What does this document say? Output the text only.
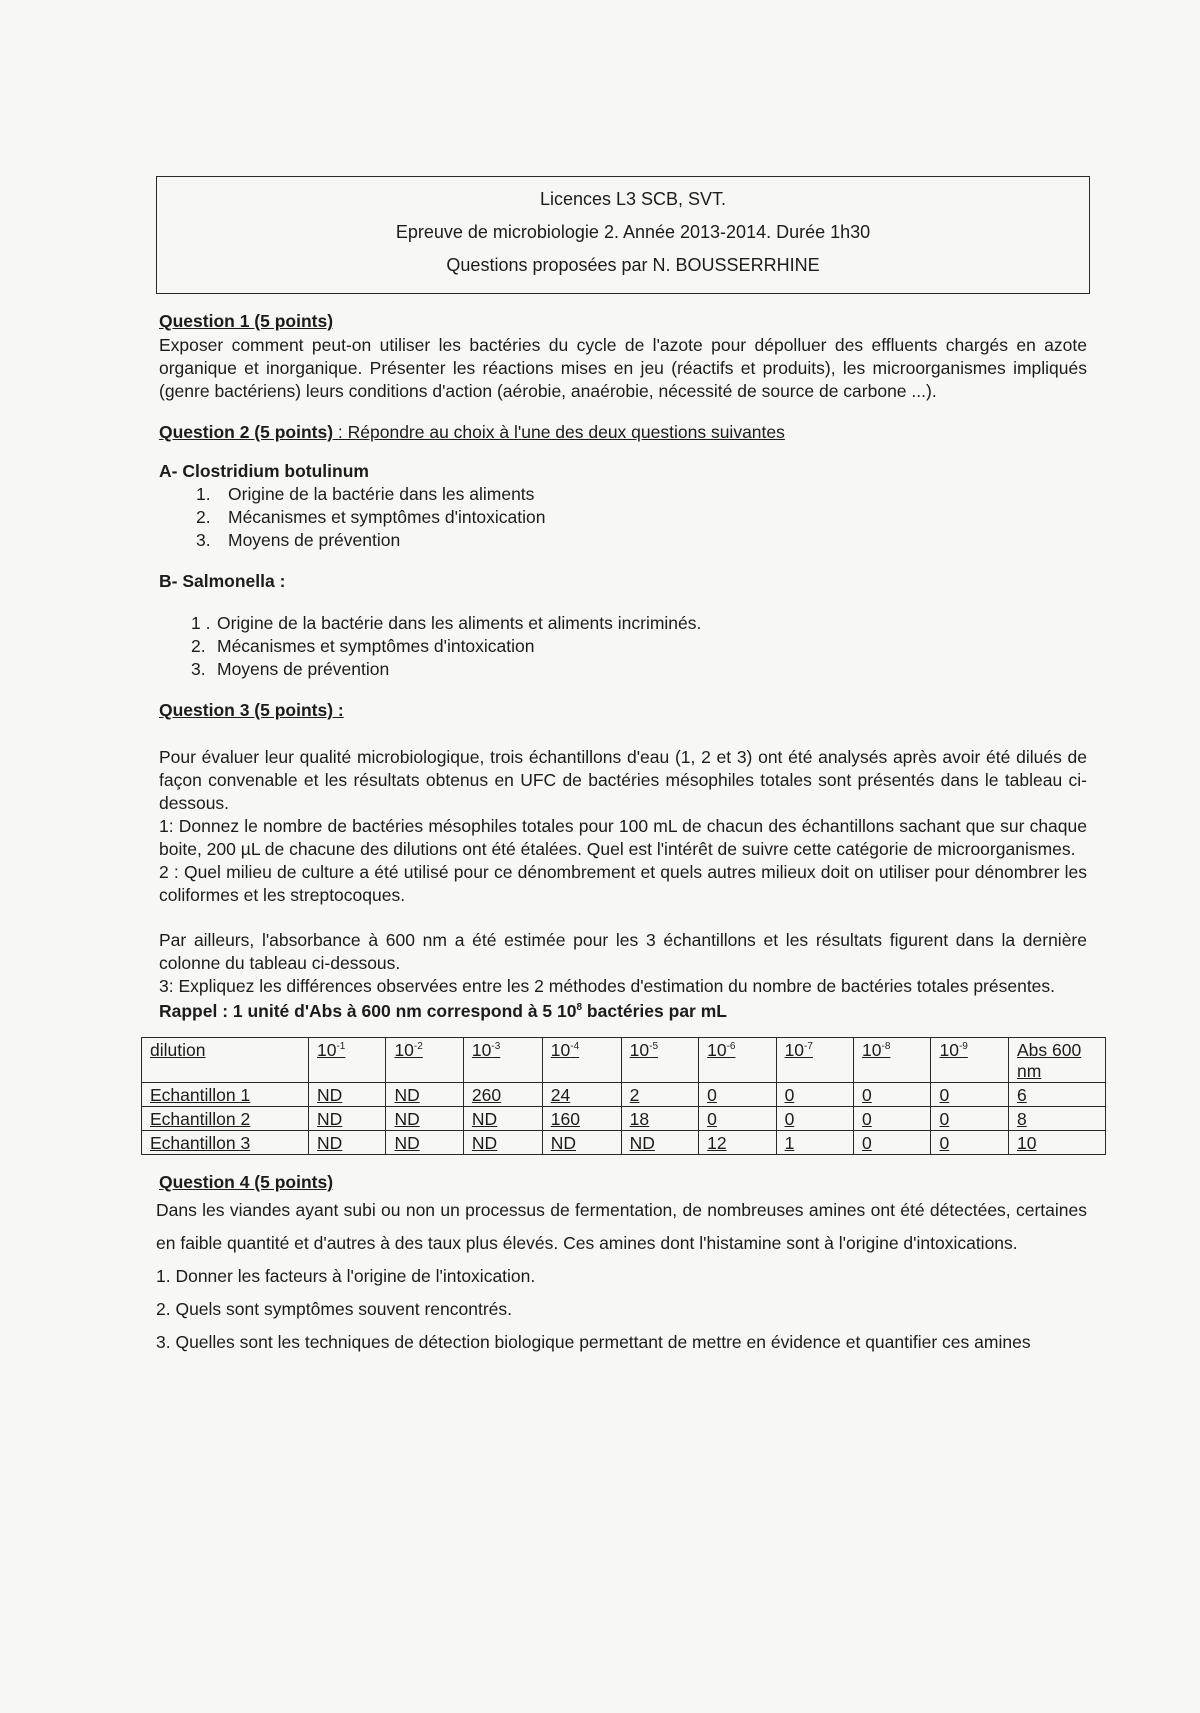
Licences L3 SCB, SVT.
Epreuve de microbiologie 2. Année 2013-2014. Durée 1h30
Questions proposées par N. BOUSSERRHINE
Question 1 (5 points)
Exposer comment peut-on utiliser les bactéries du cycle de l'azote pour dépolluer des effluents chargés en azote organique et inorganique. Présenter les réactions mises en jeu (réactifs et produits), les microorganismes impliqués (genre bactériens) leurs conditions d'action (aérobie, anaérobie, nécessité de source de carbone ...).
Question 2 (5 points) : Répondre au choix à l'une des deux questions suivantes
A- Clostridium botulinum
1. Origine de la bactérie dans les aliments
2. Mécanismes et symptômes d'intoxication
3. Moyens de prévention
B- Salmonella :
1 . Origine de la bactérie dans les aliments et aliments incriminés.
2. Mécanismes et symptômes d'intoxication
3. Moyens de prévention
Question 3 (5 points) :
Pour évaluer leur qualité microbiologique, trois échantillons d'eau (1, 2 et 3) ont été analysés après avoir été dilués de façon convenable et les résultats obtenus en UFC de bactéries mésophiles totales sont présentés dans le tableau ci-dessous.
1: Donnez le nombre de bactéries mésophiles totales pour 100 mL de chacun des échantillons sachant que sur chaque boite, 200 µL de chacune des dilutions ont été étalées. Quel est l'intérêt de suivre cette catégorie de microorganismes.
2 : Quel milieu de culture a été utilisé pour ce dénombrement et quels autres milieux doit on utiliser pour dénombrer les coliformes et les streptocoques.
Par ailleurs, l'absorbance à 600 nm a été estimée pour les 3 échantillons et les résultats figurent dans la dernière colonne du tableau ci-dessous.
3: Expliquez les différences observées entre les 2 méthodes d'estimation du nombre de bactéries totales présentes.
Rappel : 1 unité d'Abs à 600 nm correspond à 5 $10^8$ bactéries par mL
dilution	$10^{-1}$	$10^{-2}$	$10^{-3}$	$10^{-4}$	$10^{-5}$	$10^{-6}$	$10^{-7}$	$10^{-8}$	$10^{-9}$	Abs 600 nm
Echantillon 1	ND	ND	260	24	2	0	0	0	0	6
Echantillon 2	ND	ND	ND	160	18	0	0	0	0	8
Echantillon 3	ND	ND	ND	ND	ND	12	1	0	0	10
Question 4 (5 points)
Dans les viandes ayant subi ou non un processus de fermentation, de nombreuses amines ont été détectées, certaines en faible quantité et d'autres à des taux plus élevés. Ces amines dont l'histamine sont à l'origine d'intoxications.
1. Donner les facteurs à l'origine de l'intoxication.
2. Quels sont symptômes souvent rencontrés.
3. Quelles sont les techniques de détection biologique permettant de mettre en évidence et quantifier ces amines
